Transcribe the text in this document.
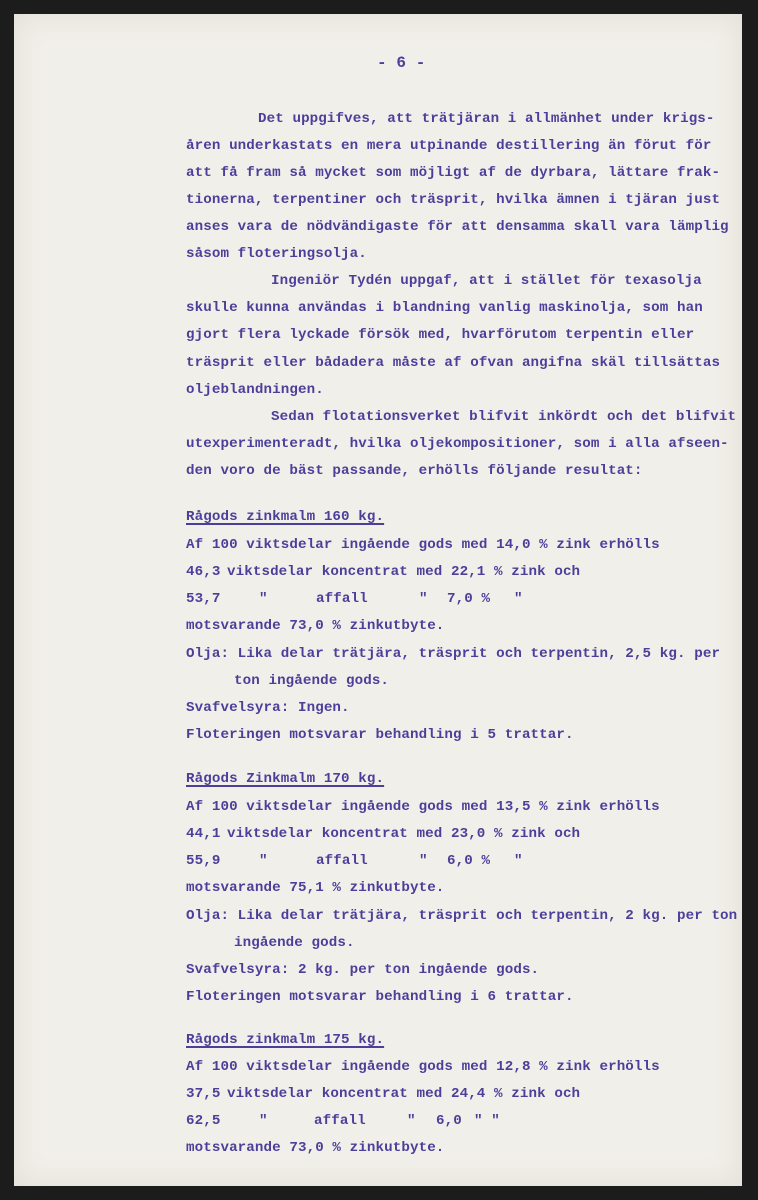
- 6 -
Det uppgifves, att trätjäran i allmänhet under krigs-
åren underkastats en mera utpinande destillering än förut för
att få fram så mycket som möjligt af de dyrbara, lättare frak-
tionerna, terpentiner och träsprit, hvilka ämnen i tjäran just
anses vara de nödvändigaste för att densamma skall vara lämplig
såsom floteringsolja.
Ingeniör Tydén uppgaf, att i stället för texasolja
skulle kunna användas i blandning vanlig maskinolja, som han
gjort flera lyckade försök med, hvarförutom terpentin eller
träsprit eller bådadera måste af ofvan angifna skäl tillsättas
oljeblandningen.
Sedan flotationsverket blifvit inkördt och det blifvit
utexperimenteradt, hvilka oljekompositioner, som i alla afseen-
den voro de bäst passande, erhölls följande resultat:
Rågods zinkmalm 160 kg.
Af 100 viktsdelar ingående gods med 14,0 % zink erhölls
46,3 viktsdelar koncentrat med 22,1 % zink och
53,7	"	affall	" 7,0 % "
motsvarande 73,0 % zinkutbyte.
Olja: Lika delar trätjära, träsprit och terpentin, 2,5 kg. per
ton ingående gods.
Svafvelsyra: Ingen.
Floteringen motsvarar behandling i 5 trattar.
Rågods Zinkmalm 170 kg.
Af 100 viktsdelar ingående gods med 13,5 % zink erhölls
44,1 viktsdelar koncentrat med 23,0 % zink och
55,9	"	affall	" 6,0 % "
motsvarande 75,1 % zinkutbyte.
Olja: Lika delar trätjära, träsprit och terpentin, 2 kg. per ton
ingående gods.
Svafvelsyra: 2 kg. per ton ingående gods.
Floteringen motsvarar behandling i 6 trattar.
Rågods zinkmalm 175 kg.
Af 100 viktsdelar ingående gods med 12,8 % zink erhölls
37,5 viktsdelar koncentrat med 24,4 % zink och
62,5	"	affall	" 6,0 " "
motsvarande 73,0 % zinkutbyte.
